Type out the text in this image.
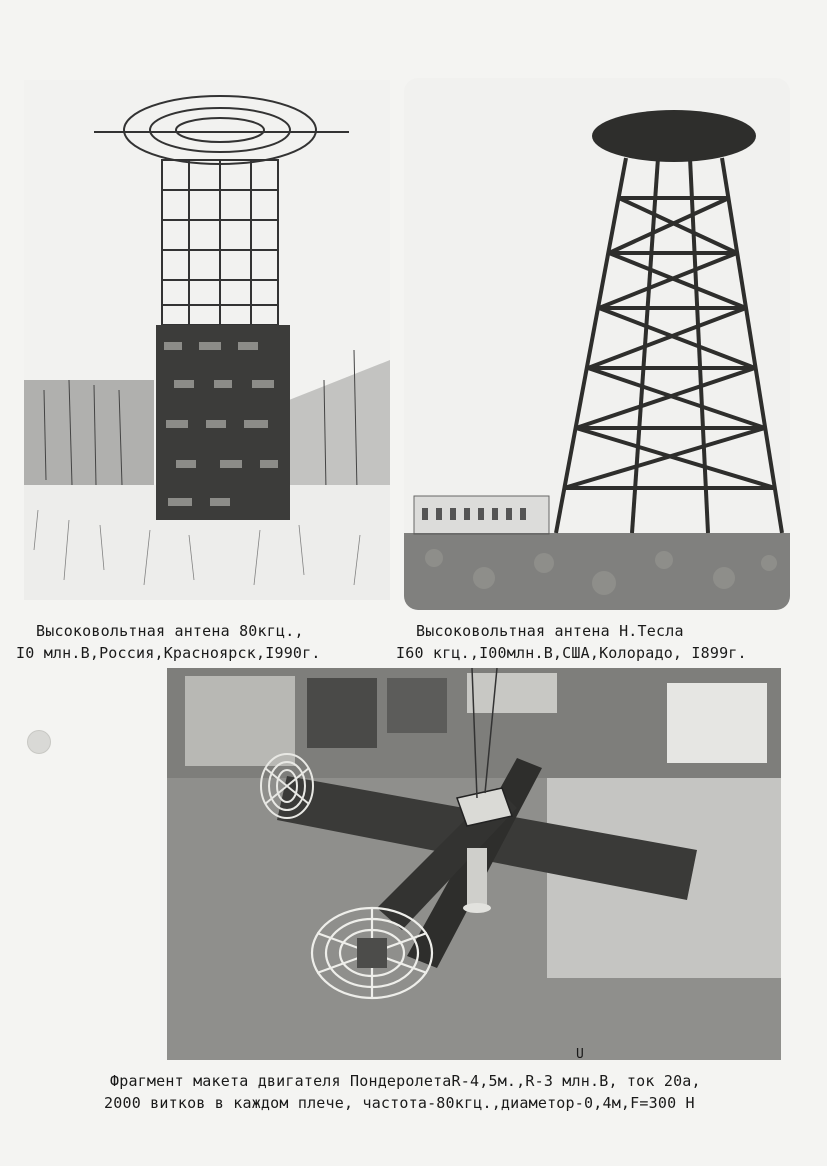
Высоковольтная антена 80кгц.,
I0 млн.В,Россия,Красноярск,I990г.
Высоковольтная антена Н.Тесла
I60 кгц.,I00млн.В,США,Колорадо, I899г.
U
Фрагмент макета двигателя ПондеролетаR-4,5м.,R-3 млн.В, ток 20а,
2000 витков в каждом плече, частота-80кгц.,диаметор-0,4м,F=300 Н
